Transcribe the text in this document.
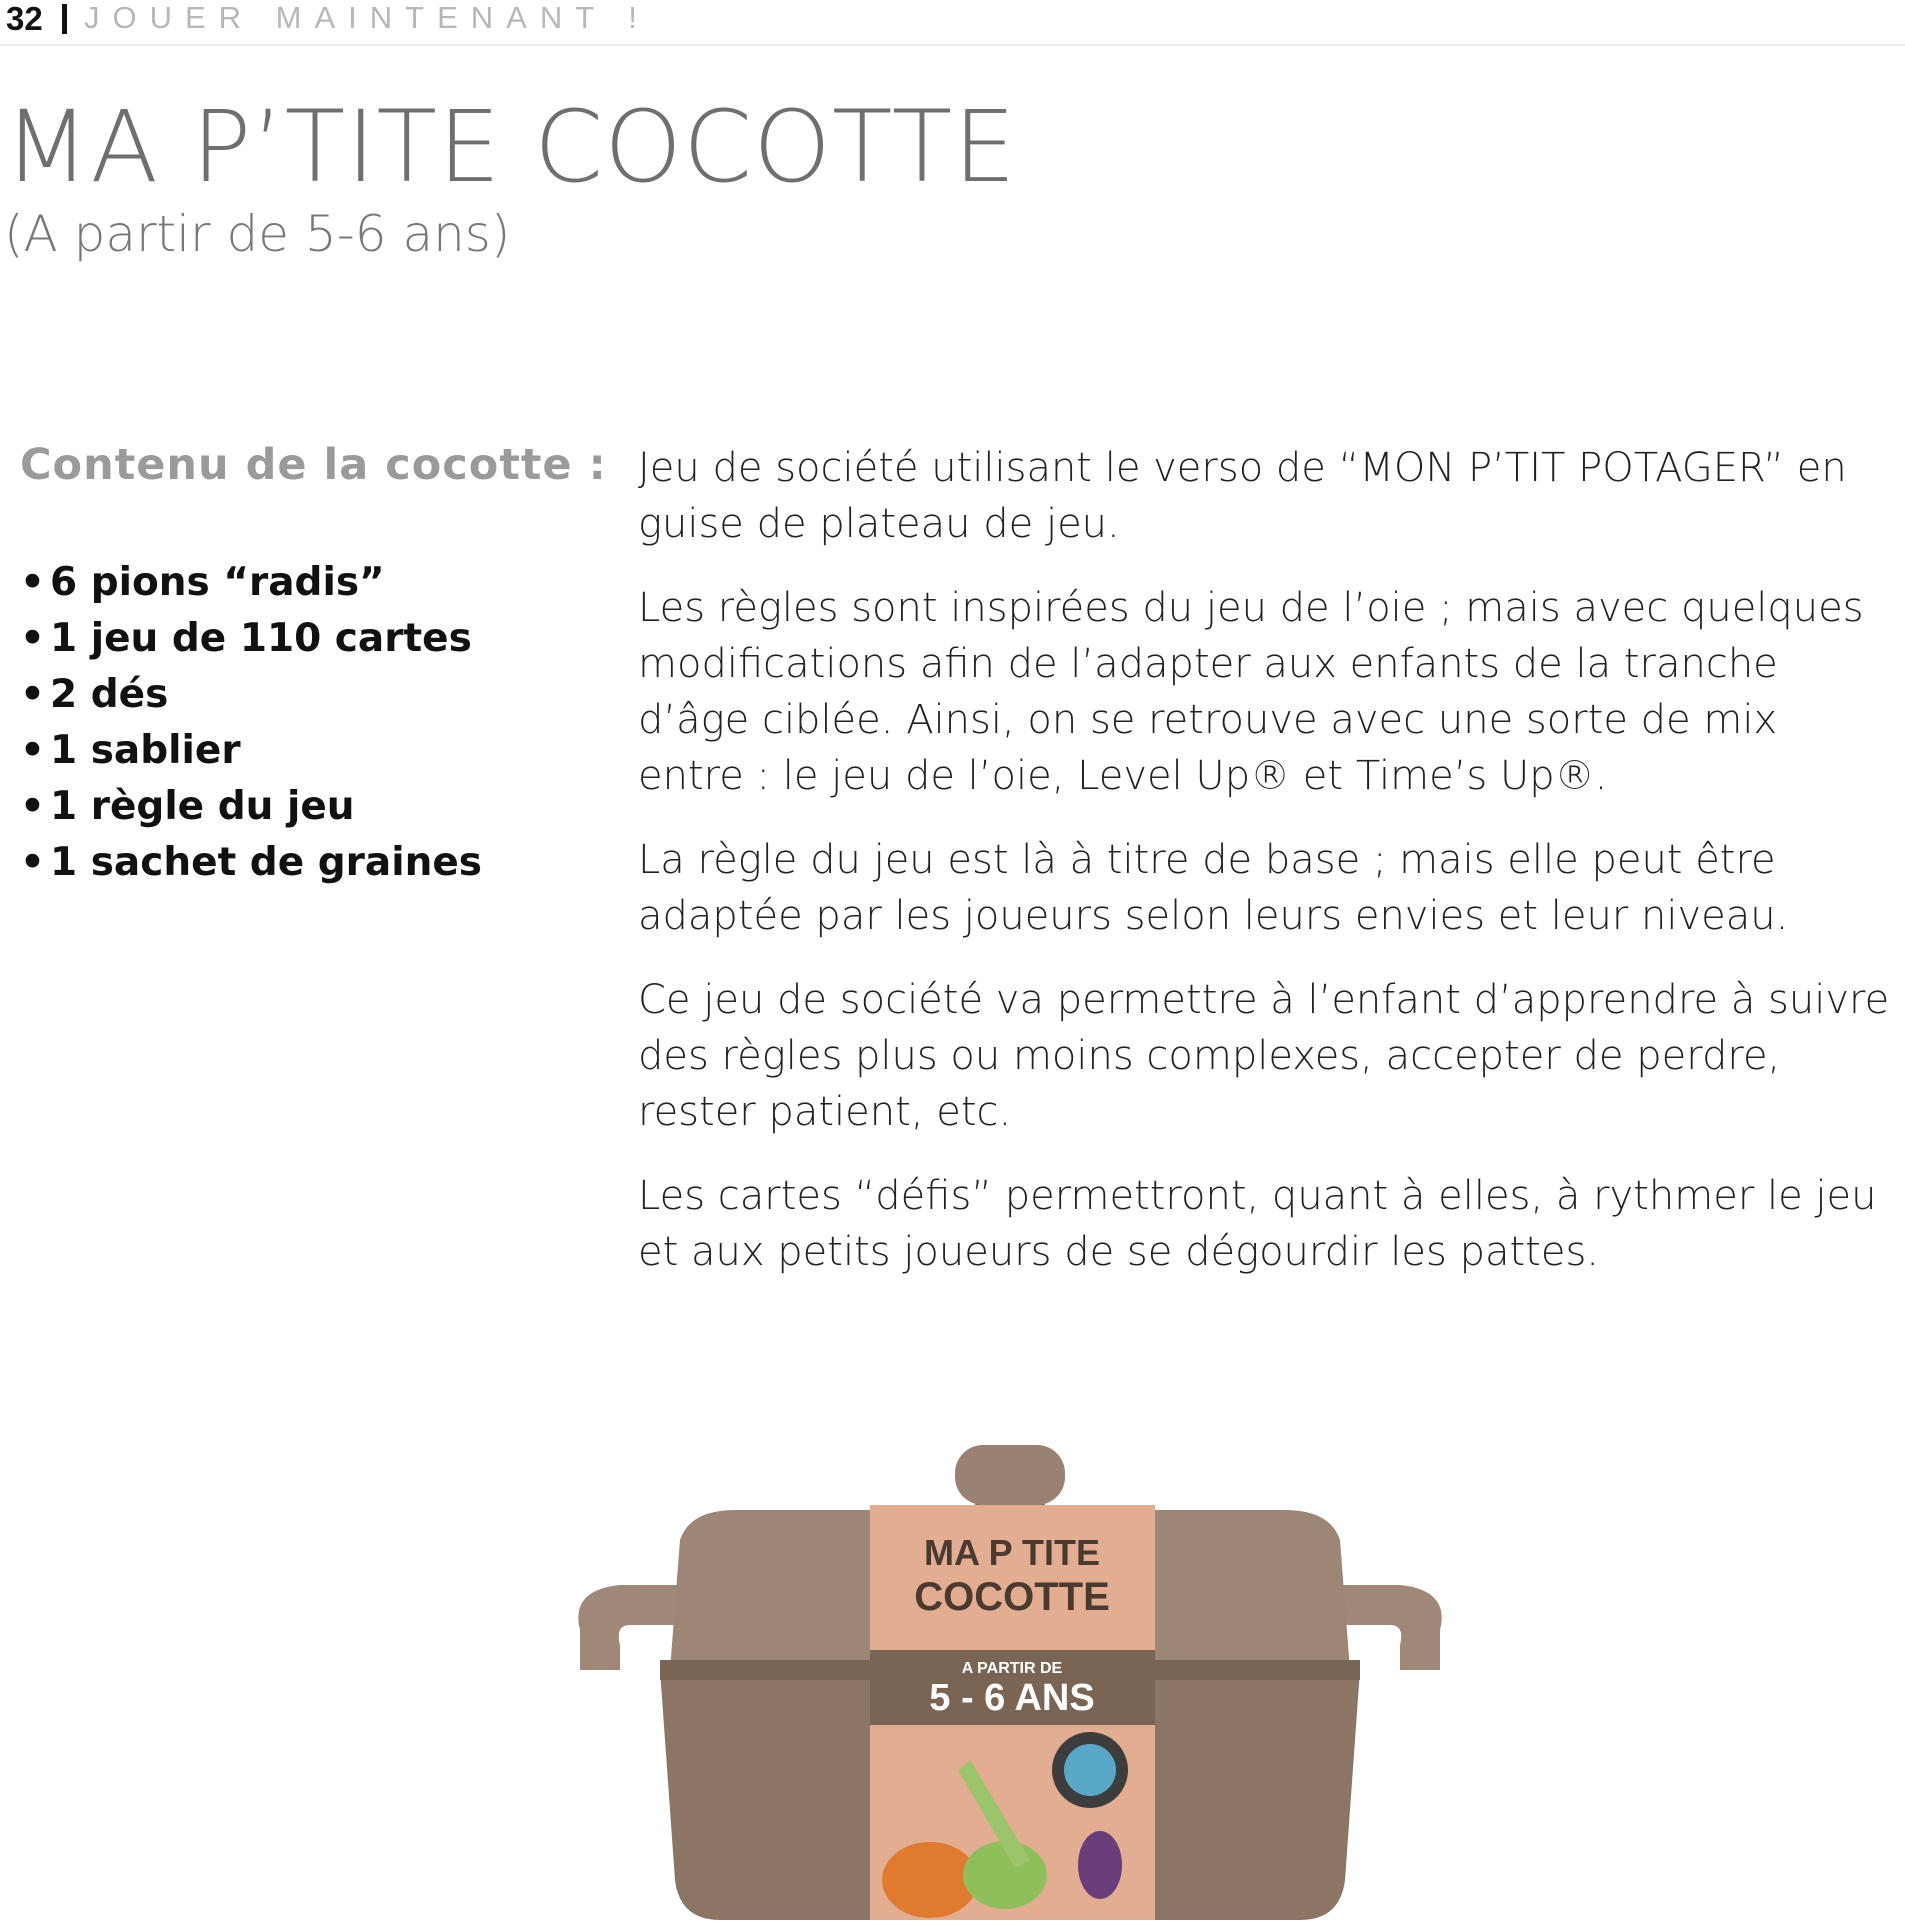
32 JOUER MAINTENANT !
MA P’TITE COCOTTE
(A partir de 5-6 ans)
Contenu de la cocotte :
• 6 pions “radis”
• 1 jeu de 110 cartes
• 2 dés
• 1 sablier
• 1 règle du jeu
• 1 sachet de graines

Jeu de société utilisant le verso de “MON P’TIT POTAGER” en guise de plateau de jeu.

Les règles sont inspirées du jeu de l’oie ; mais avec quelques modifications afin de l’adapter aux enfants de la tranche d’âge ciblée. Ainsi, on se retrouve avec une sorte de mix entre : le jeu de l’oie, Level Up® et Time’s Up®.

La règle du jeu est là à titre de base ; mais elle peut être adaptée par les joueurs selon leurs envies et leur niveau.

Ce jeu de société va permettre à l’enfant d’apprendre à suivre des règles plus ou moins complexes, accepter de perdre, rester patient, etc.

Les cartes “défis” permettront, quant à elles, à rythmer le jeu et aux petits joueurs de se dégourdir les pattes.

MA P TITE
COCOTTE
A PARTIR DE
5 - 6 ANS
